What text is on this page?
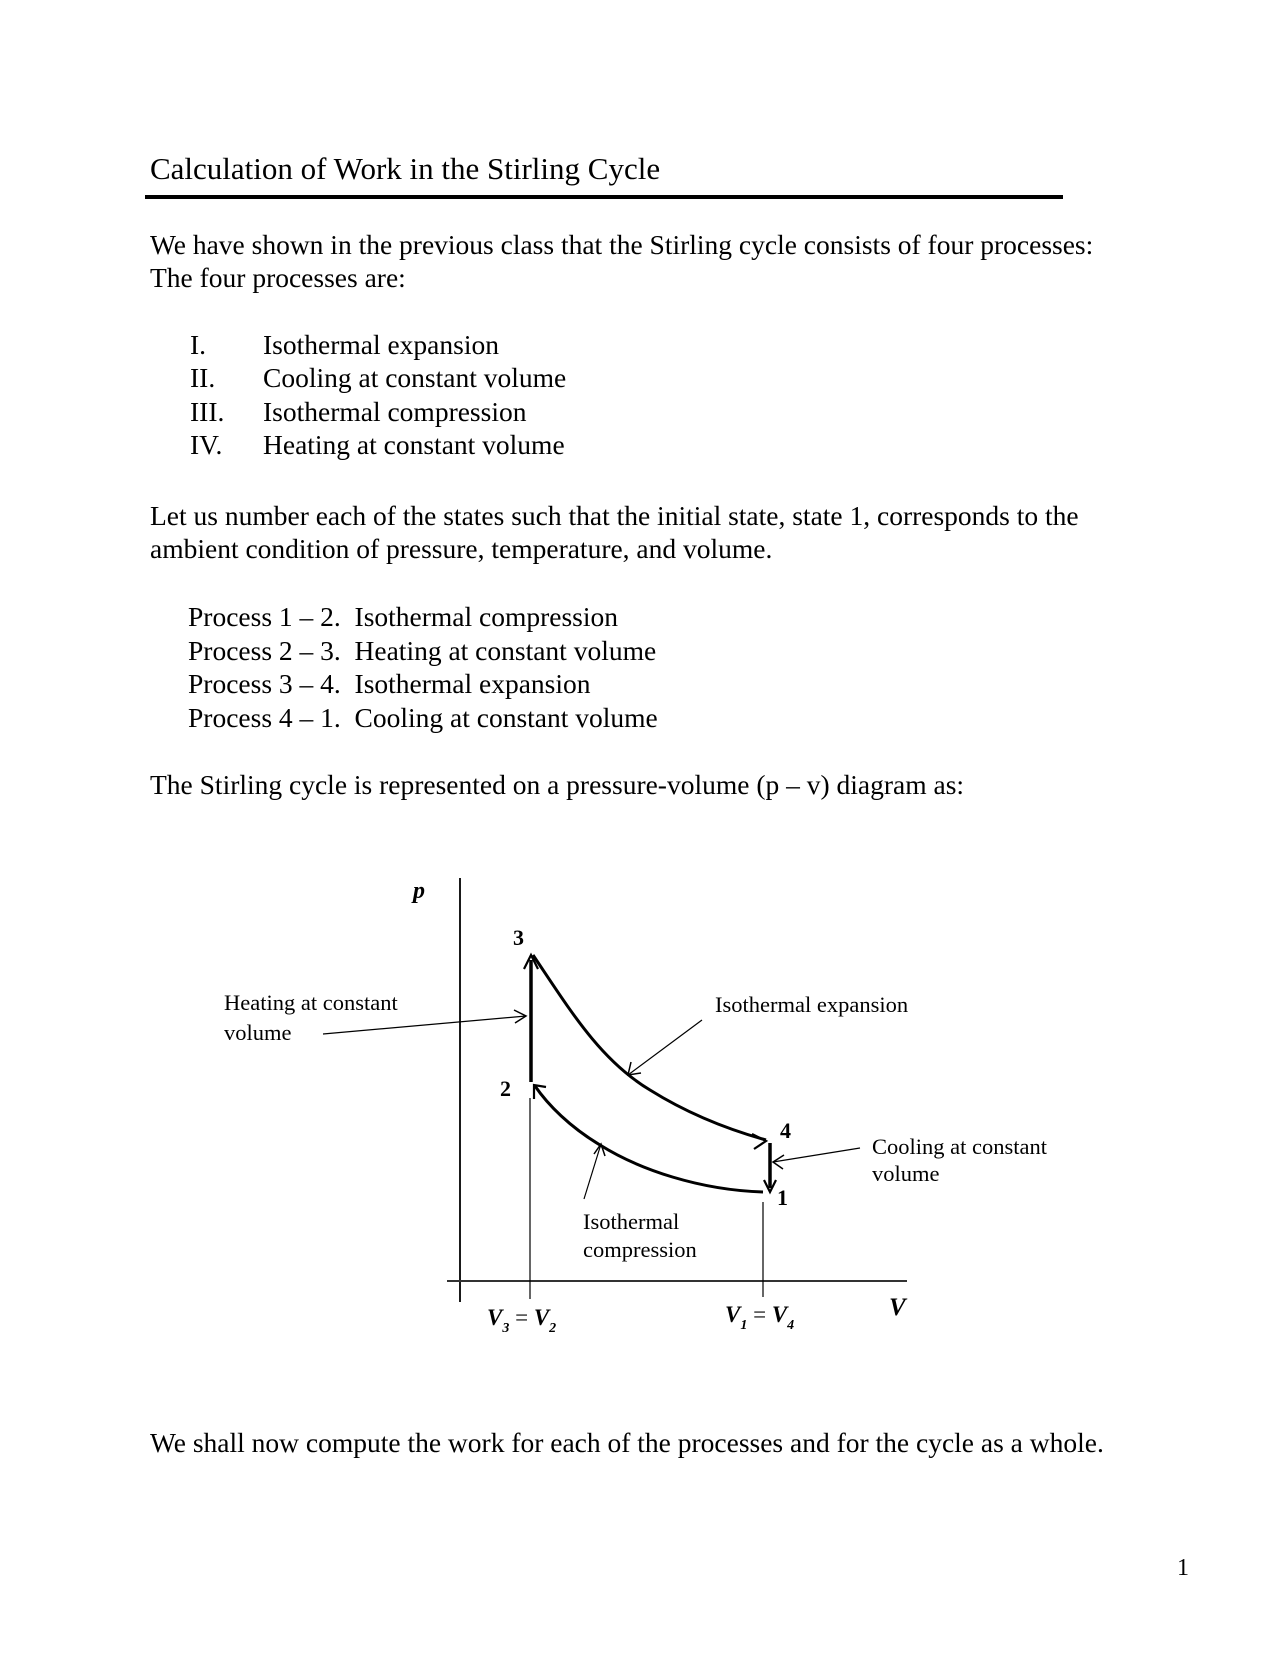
Calculation of Work in the Stirling Cycle
We have shown in the previous class that the Stirling cycle consists of four processes:
The four processes are:
I. Isothermal expansion
II. Cooling at constant volume
III. Isothermal compression
IV. Heating at constant volume
Let us number each of the states such that the initial state, state 1, corresponds to the
ambient condition of pressure, temperature, and volume.
Process 1 – 2. Isothermal compression
Process 2 – 3. Heating at constant volume
Process 3 – 4. Isothermal expansion
Process 4 – 1. Cooling at constant volume
The Stirling cycle is represented on a pressure-volume (p – v) diagram as:
p
V
3
2
4
1
Heating at constant
volume
Isothermal expansion
Cooling at constant
volume
Isothermal
compression
V3 = V2
V1 = V4
We shall now compute the work for each of the processes and for the cycle as a whole.
1
